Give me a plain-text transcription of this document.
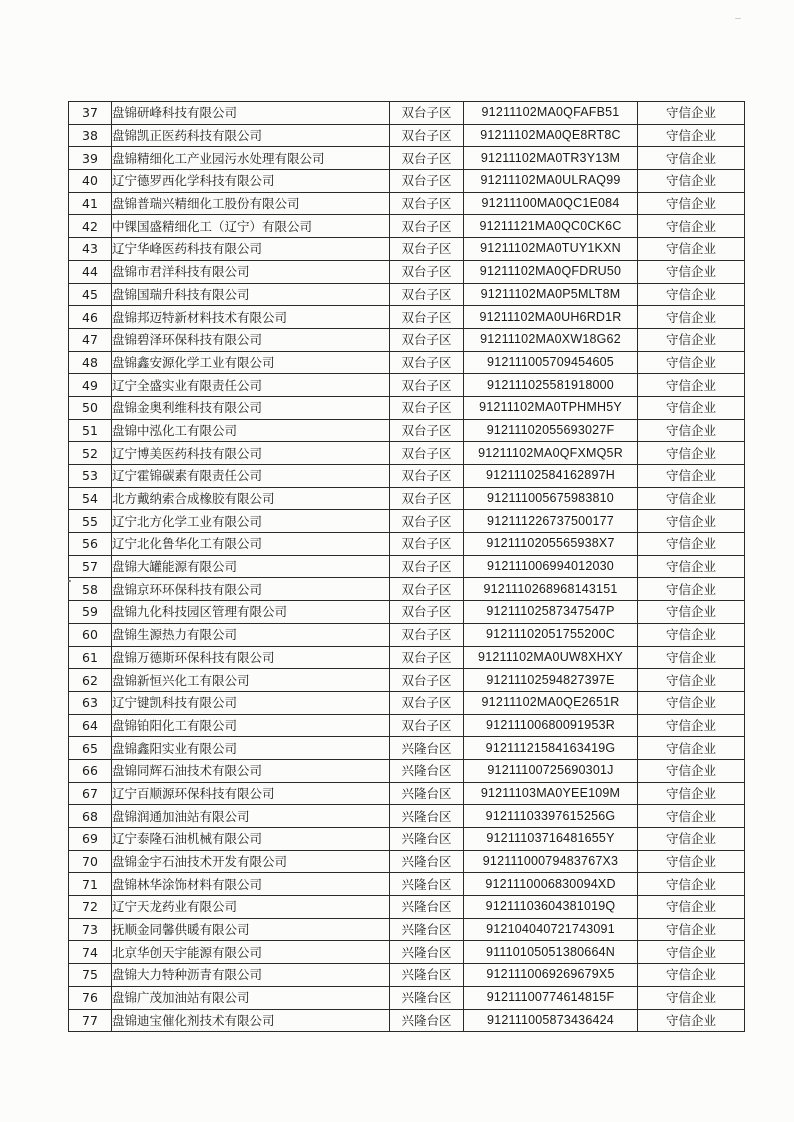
37	盘锦研峰科技有限公司	双台子区	91211102MA0QFAFB51	守信企业
38	盘锦凯正医药科技有限公司	双台子区	91211102MA0QE8RT8C	守信企业
39	盘锦精细化工产业园污水处理有限公司	双台子区	91211102MA0TR3Y13M	守信企业
40	辽宁德罗西化学科技有限公司	双台子区	91211102MA0ULRAQ99	守信企业
41	盘锦普瑞兴精细化工股份有限公司	双台子区	91211100MA0QC1E084	守信企业
42	中锞国盛精细化工（辽宁）有限公司	双台子区	91211121MA0QC0CK6C	守信企业
43	辽宁华峰医药科技有限公司	双台子区	91211102MA0TUY1KXN	守信企业
44	盘锦市君洋科技有限公司	双台子区	91211102MA0QFDRU50	守信企业
45	盘锦国瑞升科技有限公司	双台子区	91211102MA0P5MLT8M	守信企业
46	盘锦邦迈特新材料技术有限公司	双台子区	91211102MA0UH6RD1R	守信企业
47	盘锦碧泽环保科技有限公司	双台子区	91211102MA0XW18G62	守信企业
48	盘锦鑫安源化学工业有限公司	双台子区	912111005709454605	守信企业
49	辽宁全盛实业有限责任公司	双台子区	912111025581918000	守信企业
50	盘锦金奥利维科技有限公司	双台子区	91211102MA0TPHMH5Y	守信企业
51	盘锦中泓化工有限公司	双台子区	91211102055693027F	守信企业
52	辽宁博美医药科技有限公司	双台子区	91211102MA0QFXMQ5R	守信企业
53	辽宁霍锦碳素有限责任公司	双台子区	91211102584162897H	守信企业
54	北方戴纳索合成橡胶有限公司	双台子区	912111005675983810	守信企业
55	辽宁北方化学工业有限公司	双台子区	912111226737500177	守信企业
56	辽宁北化鲁华化工有限公司	双台子区	9121110205565938X7	守信企业
57	盘锦大罐能源有限公司	双台子区	912111006994012030	守信企业
58	盘锦京环环保科技有限公司	双台子区	9121110268968143151	守信企业
59	盘锦九化科技园区管理有限公司	双台子区	91211102587347547P	守信企业
60	盘锦生源热力有限公司	双台子区	91211102051755200C	守信企业
61	盘锦万德斯环保科技有限公司	双台子区	91211102MA0UW8XHXY	守信企业
62	盘锦新恒兴化工有限公司	双台子区	91211102594827397E	守信企业
63	辽宁键凯科技有限公司	双台子区	91211102MA0QE2651R	守信企业
64	盘锦铂阳化工有限公司	双台子区	91211100680091953R	守信企业
65	盘锦鑫阳实业有限公司	兴隆台区	91211121584163419G	守信企业
66	盘锦同辉石油技术有限公司	兴隆台区	91211100725690301J	守信企业
67	辽宁百顺源环保科技有限公司	兴隆台区	91211103MA0YEE109M	守信企业
68	盘锦润通加油站有限公司	兴隆台区	91211103397615256G	守信企业
69	辽宁泰隆石油机械有限公司	兴隆台区	91211103716481655Y	守信企业
70	盘锦金宇石油技术开发有限公司	兴隆台区	91211100079483767X3	守信企业
71	盘锦林华涂饰材料有限公司	兴隆台区	9121110006830094XD	守信企业
72	辽宁天龙药业有限公司	兴隆台区	91211103604381019Q	守信企业
73	抚顺金同馨供暖有限公司	兴隆台区	912104040721743091	守信企业
74	北京华创天宇能源有限公司	兴隆台区	91110105051380664N	守信企业
75	盘锦大力特种沥青有限公司	兴隆台区	9121110069269679X5	守信企业
76	盘锦广茂加油站有限公司	兴隆台区	91211100774614815F	守信企业
77	盘锦迪宝催化剂技术有限公司	兴隆台区	912111005873436424	守信企业
